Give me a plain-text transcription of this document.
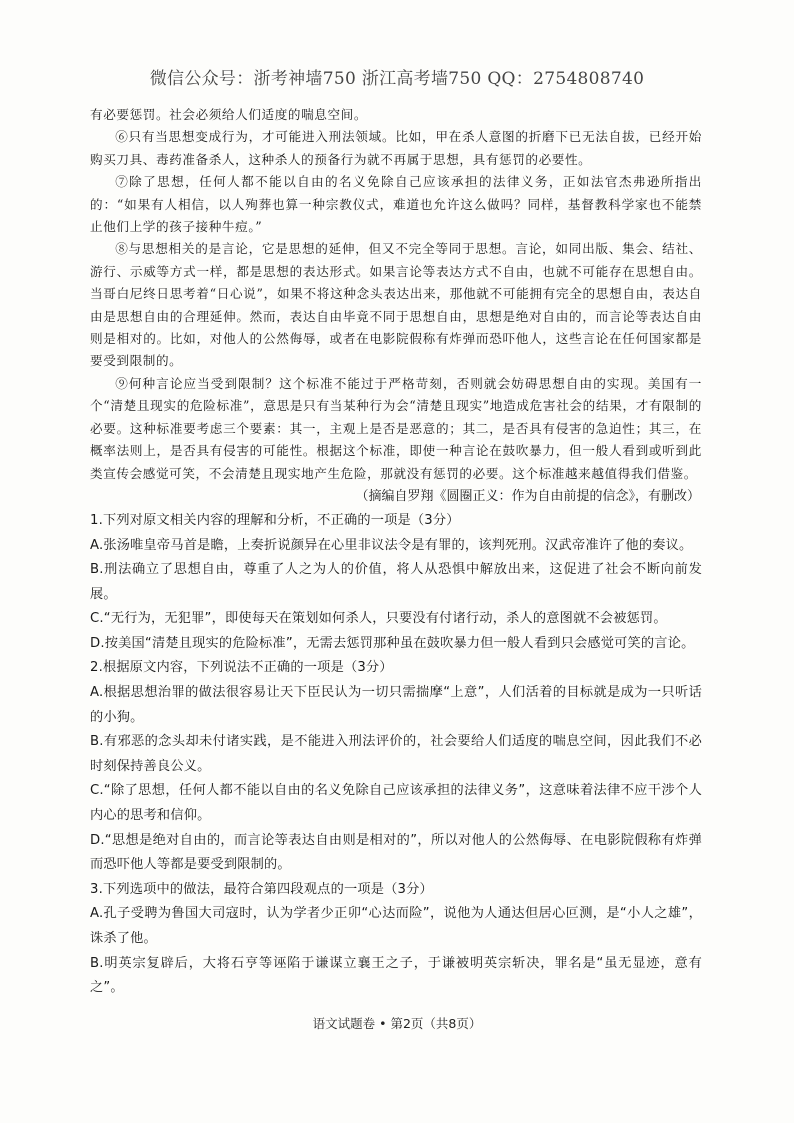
微信公众号：浙考神墙750 浙江高考墙750 QQ：2754808740

有必要惩罚。社会必须给人们适度的喘息空间。

⑥只有当思想变成行为，才可能进入刑法领域。比如，甲在杀人意图的折磨下已无法自拔，已经开始购买刀具、毒药准备杀人，这种杀人的预备行为就不再属于思想，具有惩罚的必要性。

⑦除了思想，任何人都不能以自由的名义免除自己应该承担的法律义务，正如法官杰弗逊所指出的：“如果有人相信，以人殉葬也算一种宗教仪式，难道也允许这么做吗？同样，基督教科学家也不能禁止他们上学的孩子接种牛痘。”

⑧与思想相关的是言论，它是思想的延伸，但又不完全等同于思想。言论，如同出版、集会、结社、游行、示威等方式一样，都是思想的表达形式。如果言论等表达方式不自由，也就不可能存在思想自由。当哥白尼终日思考着“日心说”，如果不将这种念头表达出来，那他就不可能拥有完全的思想自由，表达自由是思想自由的合理延伸。然而，表达自由毕竟不同于思想自由，思想是绝对自由的，而言论等表达自由则是相对的。比如，对他人的公然侮辱，或者在电影院假称有炸弹而恐吓他人，这些言论在任何国家都是要受到限制的。

⑨何种言论应当受到限制？这个标准不能过于严格苛刻，否则就会妨碍思想自由的实现。美国有一个“清楚且现实的危险标准”，意思是只有当某种行为会“清楚且现实”地造成危害社会的结果，才有限制的必要。这种标准要考虑三个要素：其一，主观上是否是恶意的；其二，是否具有侵害的急迫性；其三，在概率法则上，是否具有侵害的可能性。根据这个标准，即使一种言论在鼓吹暴力，但一般人看到或听到此类宣传会感觉可笑，不会清楚且现实地产生危险，那就没有惩罚的必要。这个标准越来越值得我们借鉴。

（摘编自罗翔《圆圈正义：作为自由前提的信念》，有删改）

1.下列对原文相关内容的理解和分析，不正确的一项是（3分）

A.张汤唯皇帝马首是瞻，上奏折说颜异在心里非议法令是有罪的，该判死刑。汉武帝准许了他的奏议。

B.刑法确立了思想自由，尊重了人之为人的价值，将人从恐惧中解放出来，这促进了社会不断向前发展。

C.“无行为，无犯罪”，即使每天在策划如何杀人，只要没有付诸行动，杀人的意图就不会被惩罚。

D.按美国“清楚且现实的危险标准”，无需去惩罚那种虽在鼓吹暴力但一般人看到只会感觉可笑的言论。

2.根据原文内容，下列说法不正确的一项是（3分）

A.根据思想治罪的做法很容易让天下臣民认为一切只需揣摩“上意”，人们活着的目标就是成为一只听话的小狗。

B.有邪恶的念头却未付诸实践，是不能进入刑法评价的，社会要给人们适度的喘息空间，因此我们不必时刻保持善良公义。

C.“除了思想，任何人都不能以自由的名义免除自己应该承担的法律义务”，这意味着法律不应干涉个人内心的思考和信仰。

D.“思想是绝对自由的，而言论等表达自由则是相对的”，所以对他人的公然侮辱、在电影院假称有炸弹而恐吓他人等都是要受到限制的。

3.下列选项中的做法，最符合第四段观点的一项是（3分）

A.孔子受聘为鲁国大司寇时，认为学者少正卯“心达而险”，说他为人通达但居心叵测，是“小人之雄”，诛杀了他。

B.明英宗复辟后，大将石亨等诬陷于谦谋立襄王之子，于谦被明英宗斩决，罪名是“虽无显迹，意有之”。

语文试题卷 • 第2页（共8页）
